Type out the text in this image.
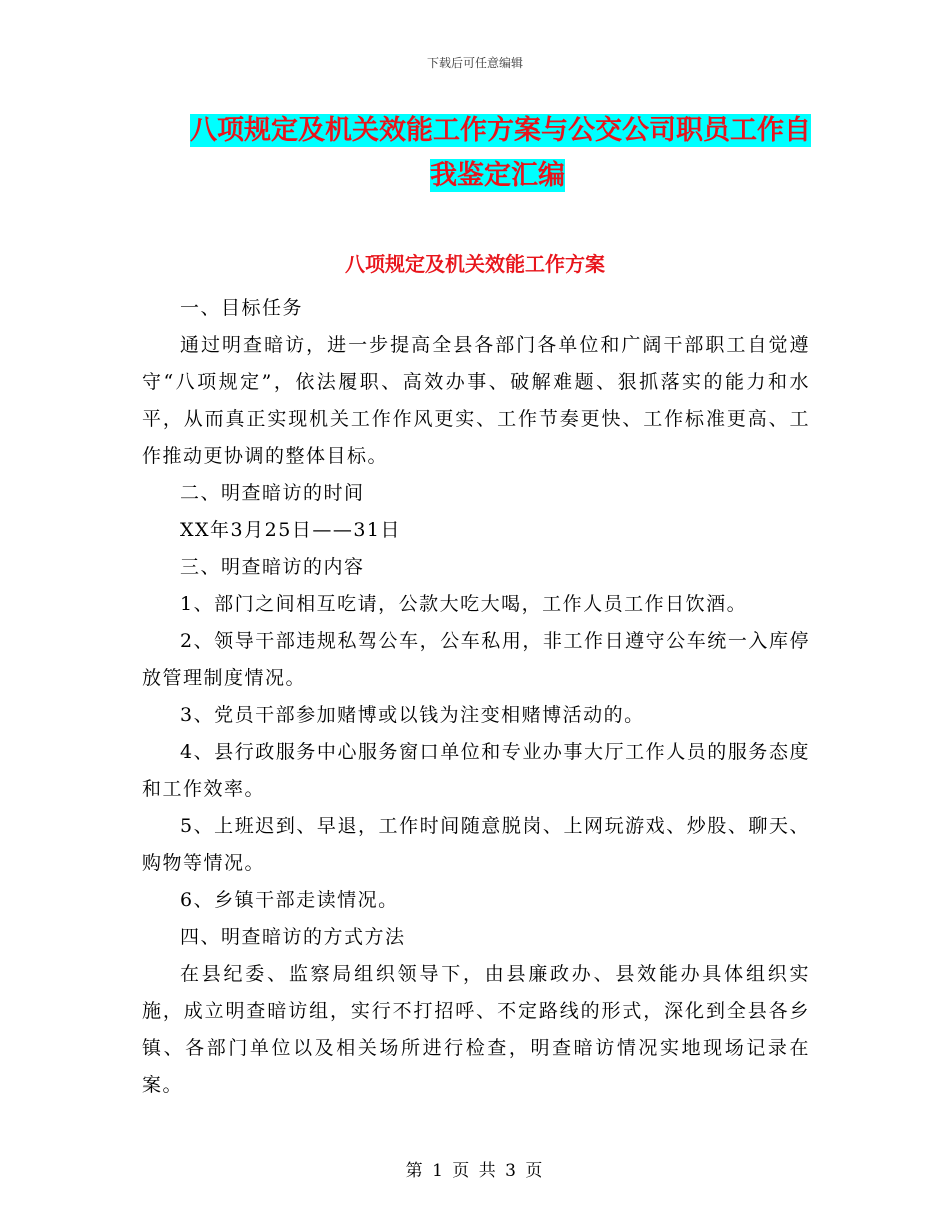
下载后可任意编辑
八项规定及机关效能工作方案与公交公司职员工作自
我鉴定汇编
八项规定及机关效能工作方案

一、目标任务

通过明查暗访，进一步提高全县各部门各单位和广阔干部职工自觉遵守“八项规定”，依法履职、高效办事、破解难题、狠抓落实的能力和水平，从而真正实现机关工作作风更实、工作节奏更快、工作标准更高、工作推动更协调的整体目标。

二、明查暗访的时间

XX年3月25日——31日

三、明查暗访的内容

1、部门之间相互吃请，公款大吃大喝，工作人员工作日饮酒。

2、领导干部违规私驾公车，公车私用，非工作日遵守公车统一入库停放管理制度情况。

3、党员干部参加赌博或以钱为注变相赌博活动的。

4、县行政服务中心服务窗口单位和专业办事大厅工作人员的服务态度和工作效率。

5、上班迟到、早退，工作时间随意脱岗、上网玩游戏、炒股、聊天、购物等情况。

6、乡镇干部走读情况。

四、明查暗访的方式方法

在县纪委、监察局组织领导下，由县廉政办、县效能办具体组织实施，成立明查暗访组，实行不打招呼、不定路线的形式，深化到全县各乡镇、各部门单位以及相关场所进行检查，明查暗访情况实地现场记录在案。

第 1 页 共 3 页
